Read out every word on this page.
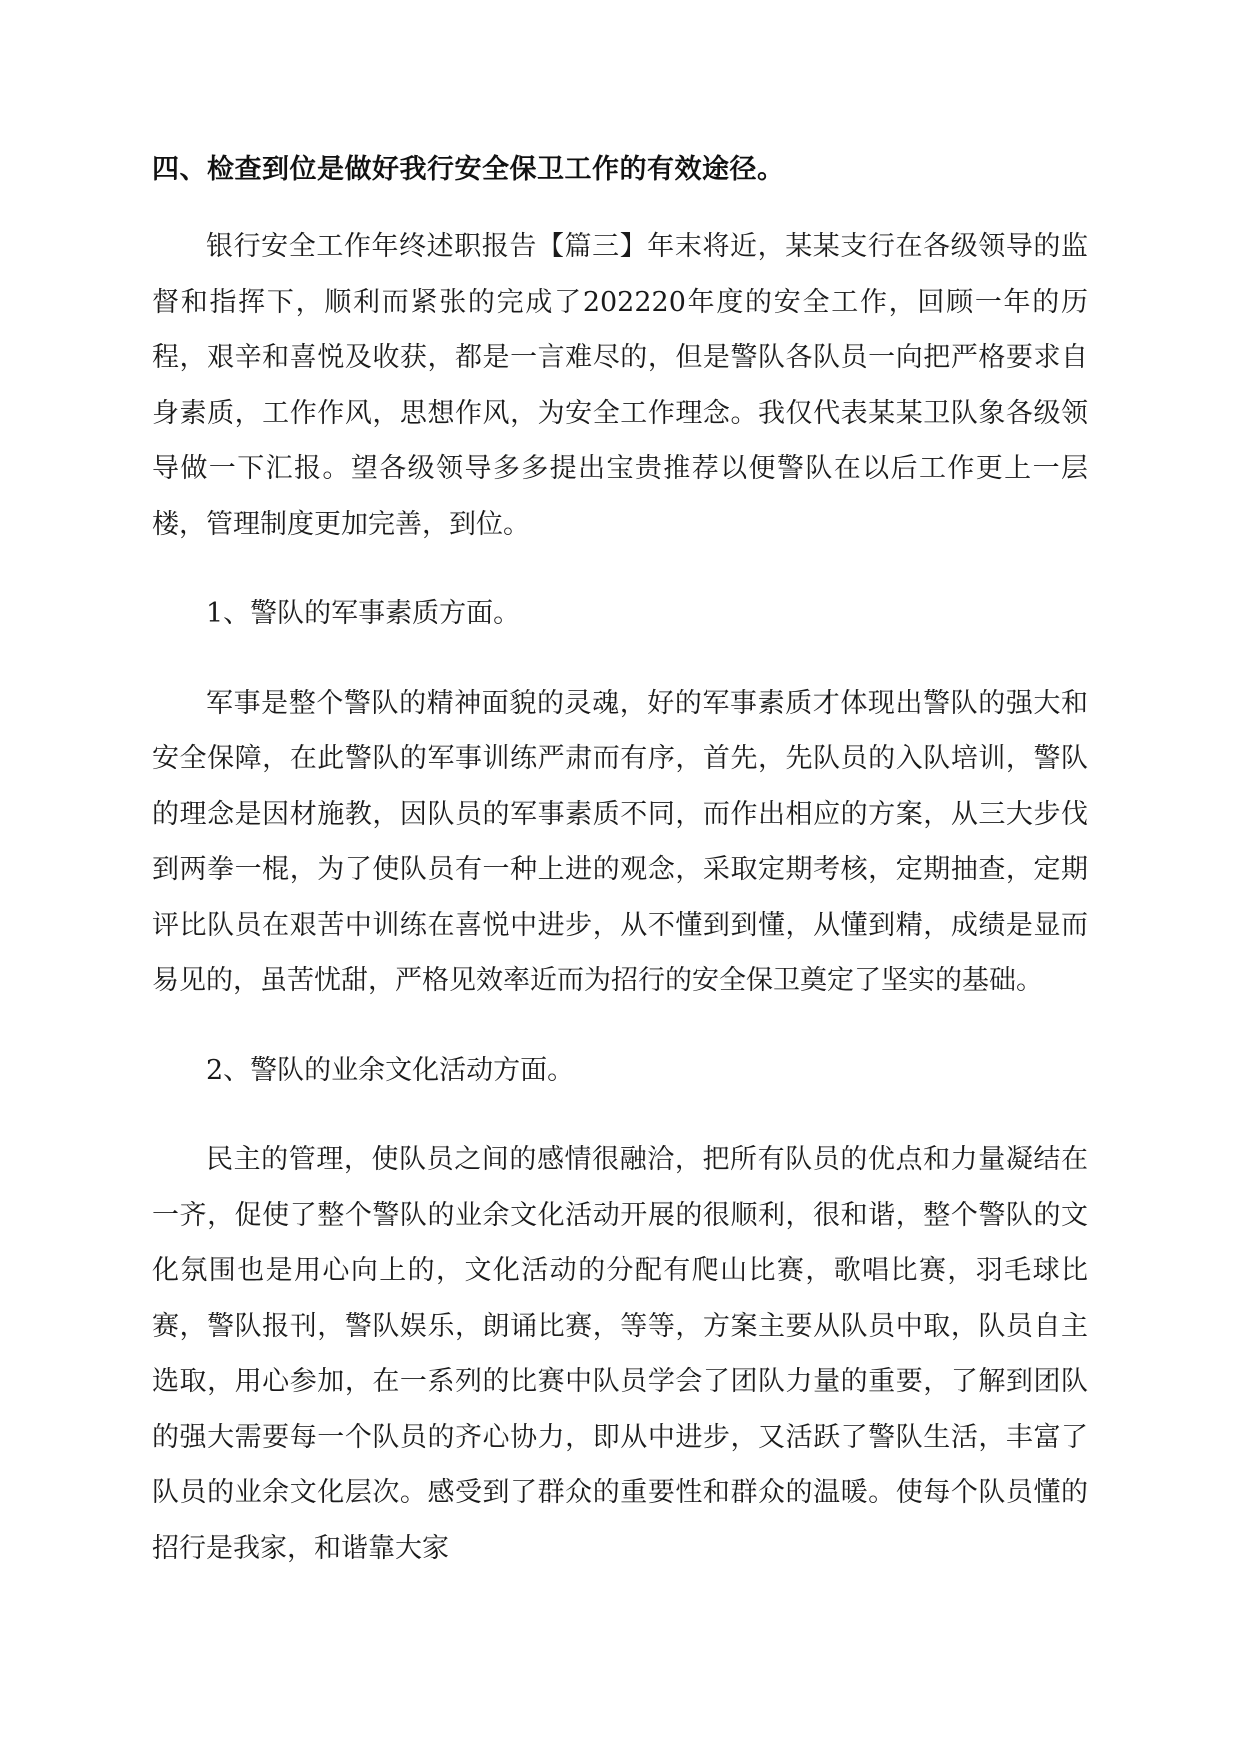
四、检查到位是做好我行安全保卫工作的有效途径。

银行安全工作年终述职报告【篇三】年末将近，某某支行在各级领导的监督和指挥下，顺利而紧张的完成了202220年度的安全工作，回顾一年的历程，艰辛和喜悦及收获，都是一言难尽的，但是警队各队员一向把严格要求自身素质，工作作风，思想作风，为安全工作理念。我仅代表某某卫队象各级领导做一下汇报。望各级领导多多提出宝贵推荐以便警队在以后工作更上一层楼，管理制度更加完善，到位。

1、警队的军事素质方面。

军事是整个警队的精神面貌的灵魂，好的军事素质才体现出警队的强大和安全保障，在此警队的军事训练严肃而有序，首先，先队员的入队培训，警队的理念是因材施教，因队员的军事素质不同，而作出相应的方案，从三大步伐到两拳一棍，为了使队员有一种上进的观念，采取定期考核，定期抽查，定期评比队员在艰苦中训练在喜悦中进步，从不懂到到懂，从懂到精，成绩是显而易见的，虽苦忧甜，严格见效率近而为招行的安全保卫奠定了坚实的基础。

2、警队的业余文化活动方面。

民主的管理，使队员之间的感情很融洽，把所有队员的优点和力量凝结在一齐，促使了整个警队的业余文化活动开展的很顺利，很和谐，整个警队的文化氛围也是用心向上的，文化活动的分配有爬山比赛，歌唱比赛，羽毛球比赛，警队报刊，警队娱乐，朗诵比赛，等等，方案主要从队员中取，队员自主选取，用心参加，在一系列的比赛中队员学会了团队力量的重要，了解到团队的强大需要每一个队员的齐心协力，即从中进步，又活跃了警队生活，丰富了队员的业余文化层次。感受到了群众的重要性和群众的温暖。使每个队员懂的招行是我家，和谐靠大家
